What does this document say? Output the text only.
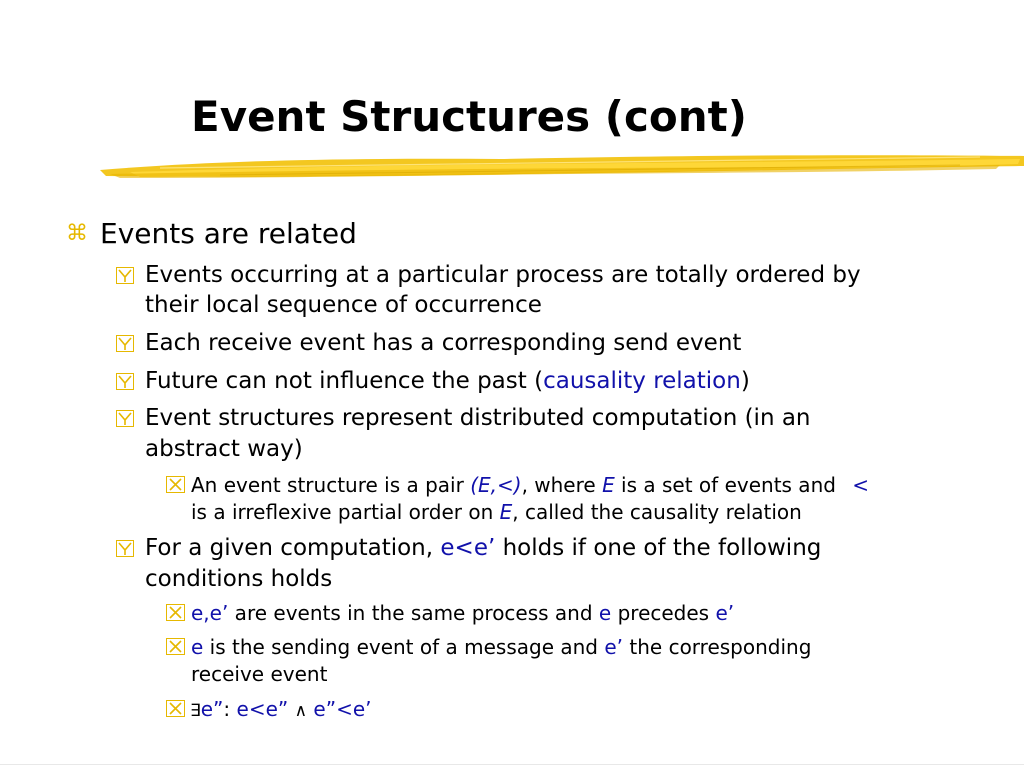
Event Structures (cont)
⌘ Events are related
Events occurring at a particular process are totally ordered by
their local sequence of occurrence
Each receive event has a corresponding send event
Future can not influence the past (causality relation)
Event structures represent distributed computation (in an
abstract way)
An event structure is a pair (E,<), where E is a set of events and <
is a irreflexive partial order on E, called the causality relation
For a given computation, e<e’ holds if one of the following
conditions holds
e,e’ are events in the same process and e precedes e’
e is the sending event of a message and e’ the corresponding
receive event
∃e”: e<e” ∧ e”<e’
